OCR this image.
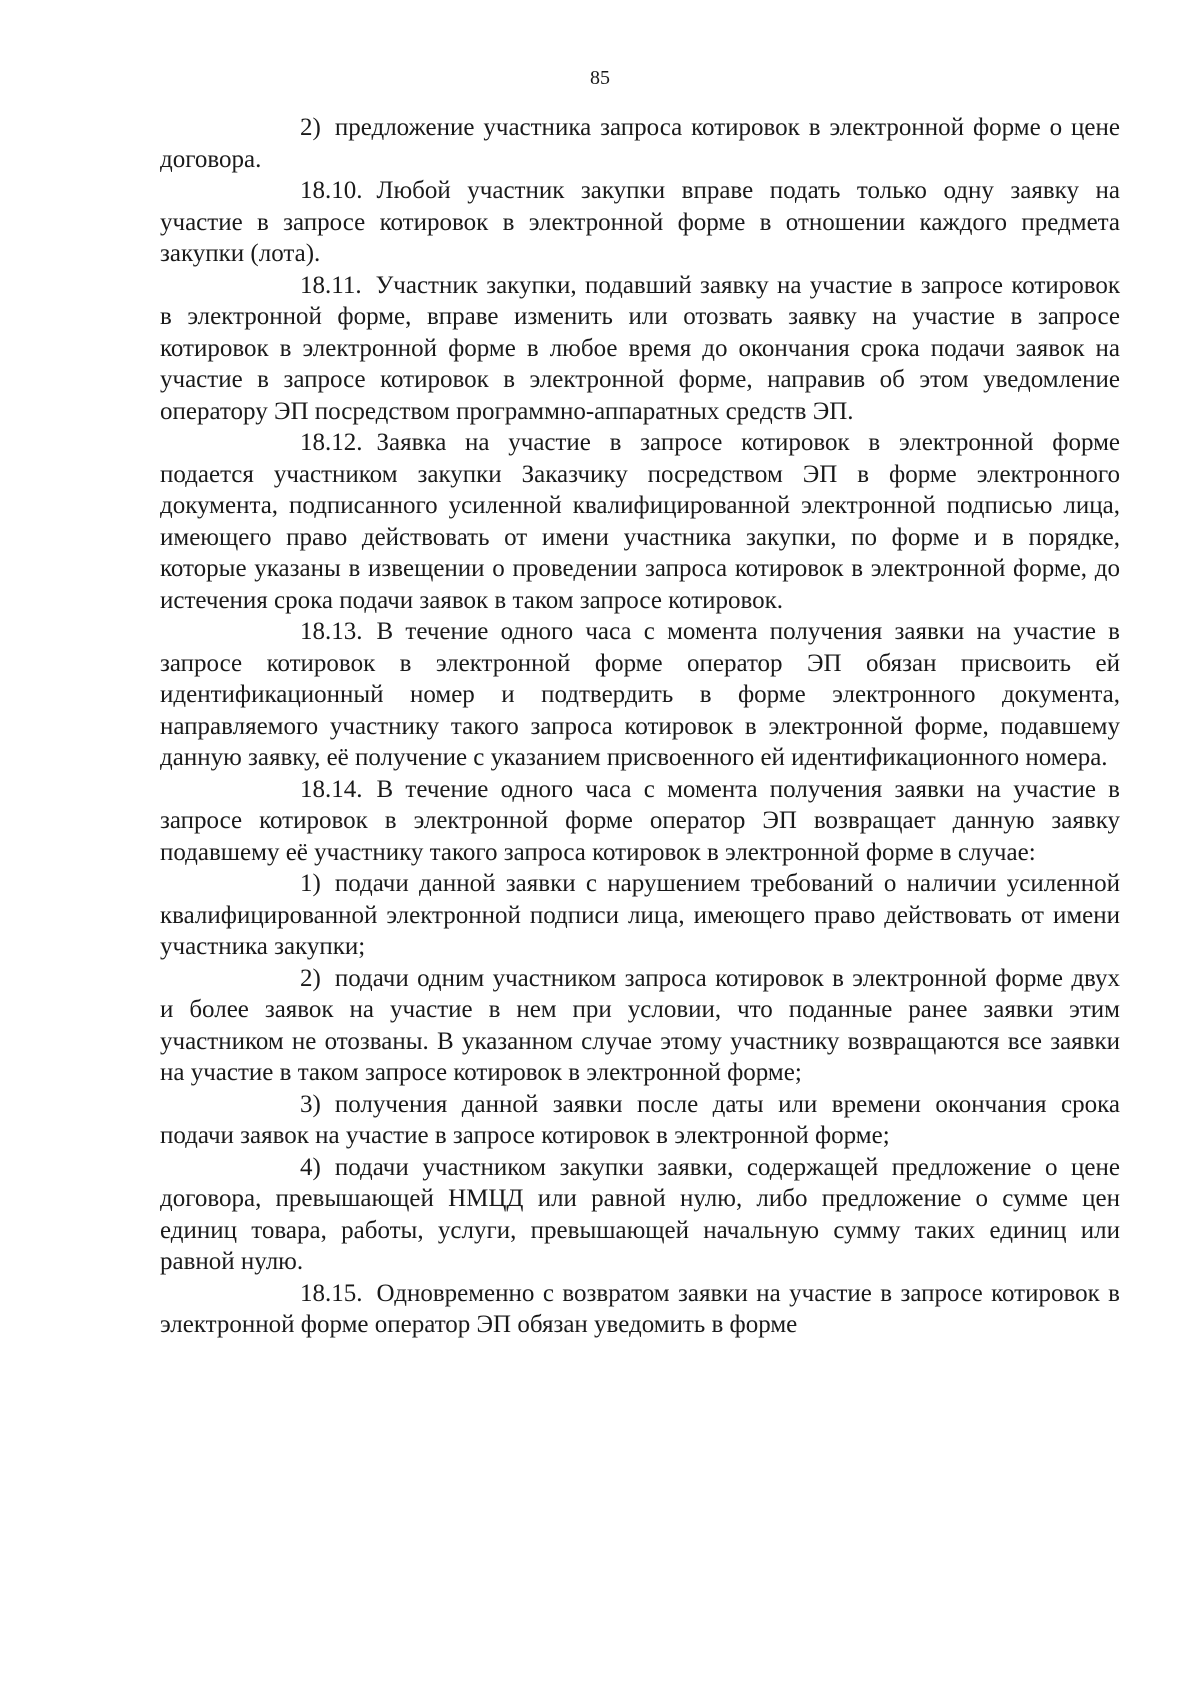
85

2) предложение участника запроса котировок в электронной форме о цене договора.

18.10. Любой участник закупки вправе подать только одну заявку на участие в запросе котировок в электронной форме в отношении каждого предмета закупки (лота).

18.11. Участник закупки, подавший заявку на участие в запросе котировок в электронной форме, вправе изменить или отозвать заявку на участие в запросе котировок в электронной форме в любое время до окончания срока подачи заявок на участие в запросе котировок в электронной форме, направив об этом уведомление оператору ЭП посредством программно-аппаратных средств ЭП.

18.12. Заявка на участие в запросе котировок в электронной форме подается участником закупки Заказчику посредством ЭП в форме электронного документа, подписанного усиленной квалифицированной электронной подписью лица, имеющего право действовать от имени участника закупки, по форме и в порядке, которые указаны в извещении о проведении запроса котировок в электронной форме, до истечения срока подачи заявок в таком запросе котировок.

18.13. В течение одного часа с момента получения заявки на участие в запросе котировок в электронной форме оператор ЭП обязан присвоить ей идентификационный номер и подтвердить в форме электронного документа, направляемого участнику такого запроса котировок в электронной форме, подавшему данную заявку, её получение с указанием присвоенного ей идентификационного номера.

18.14. В течение одного часа с момента получения заявки на участие в запросе котировок в электронной форме оператор ЭП возвращает данную заявку подавшему её участнику такого запроса котировок в электронной форме в случае:

1) подачи данной заявки с нарушением требований о наличии усиленной квалифицированной электронной подписи лица, имеющего право действовать от имени участника закупки;

2) подачи одним участником запроса котировок в электронной форме двух и более заявок на участие в нем при условии, что поданные ранее заявки этим участником не отозваны. В указанном случае этому участнику возвращаются все заявки на участие в таком запросе котировок в электронной форме;

3) получения данной заявки после даты или времени окончания срока подачи заявок на участие в запросе котировок в электронной форме;

4) подачи участником закупки заявки, содержащей предложение о цене договора, превышающей НМЦД или равной нулю, либо предложение о сумме цен единиц товара, работы, услуги, превышающей начальную сумму таких единиц или равной нулю.

18.15. Одновременно с возвратом заявки на участие в запросе котировок в электронной форме оператор ЭП обязан уведомить в форме
